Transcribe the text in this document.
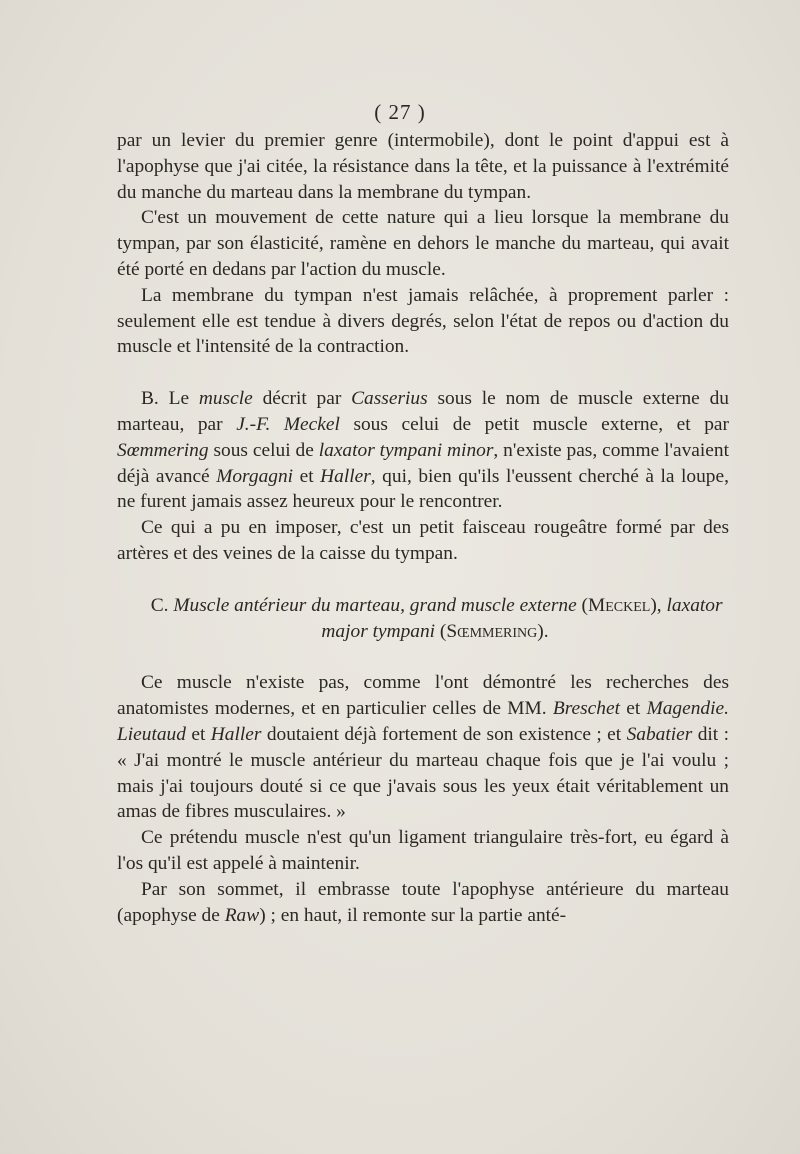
( 27 )

par un levier du premier genre (intermobile), dont le point d'appui est à l'apophyse que j'ai citée, la résistance dans la tête, et la puissance à l'extrémité du manche du marteau dans la membrane du tympan.

C'est un mouvement de cette nature qui a lieu lorsque la membrane du tympan, par son élasticité, ramène en dehors le manche du marteau, qui avait été porté en dedans par l'action du muscle.

La membrane du tympan n'est jamais relâchée, à proprement parler : seulement elle est tendue à divers degrés, selon l'état de repos ou d'action du muscle et l'intensité de la contraction.

B. Le muscle décrit par Casserius sous le nom de muscle externe du marteau, par J.-F. Meckel sous celui de petit muscle externe, et par Sœmmering sous celui de laxator tympani minor, n'existe pas, comme l'avaient déjà avancé Morgagni et Haller, qui, bien qu'ils l'eussent cherché à la loupe, ne furent jamais assez heureux pour le rencontrer.

Ce qui a pu en imposer, c'est un petit faisceau rougeâtre formé par des artères et des veines de la caisse du tympan.

C. Muscle antérieur du marteau, grand muscle externe (Meckel), laxator

major tympani (Sœmmering).

Ce muscle n'existe pas, comme l'ont démontré les recherches des anatomistes modernes, et en particulier celles de MM. Breschet et Magendie. Lieutaud et Haller doutaient déjà fortement de son existence ; et Sabatier dit : « J'ai montré le muscle antérieur du marteau chaque fois que je l'ai voulu ; mais j'ai toujours douté si ce que j'avais sous les yeux était véritablement un amas de fibres musculaires. »

Ce prétendu muscle n'est qu'un ligament triangulaire très-fort, eu égard à l'os qu'il est appelé à maintenir.

Par son sommet, il embrasse toute l'apophyse antérieure du marteau (apophyse de Raw) ; en haut, il remonte sur la partie anté-
